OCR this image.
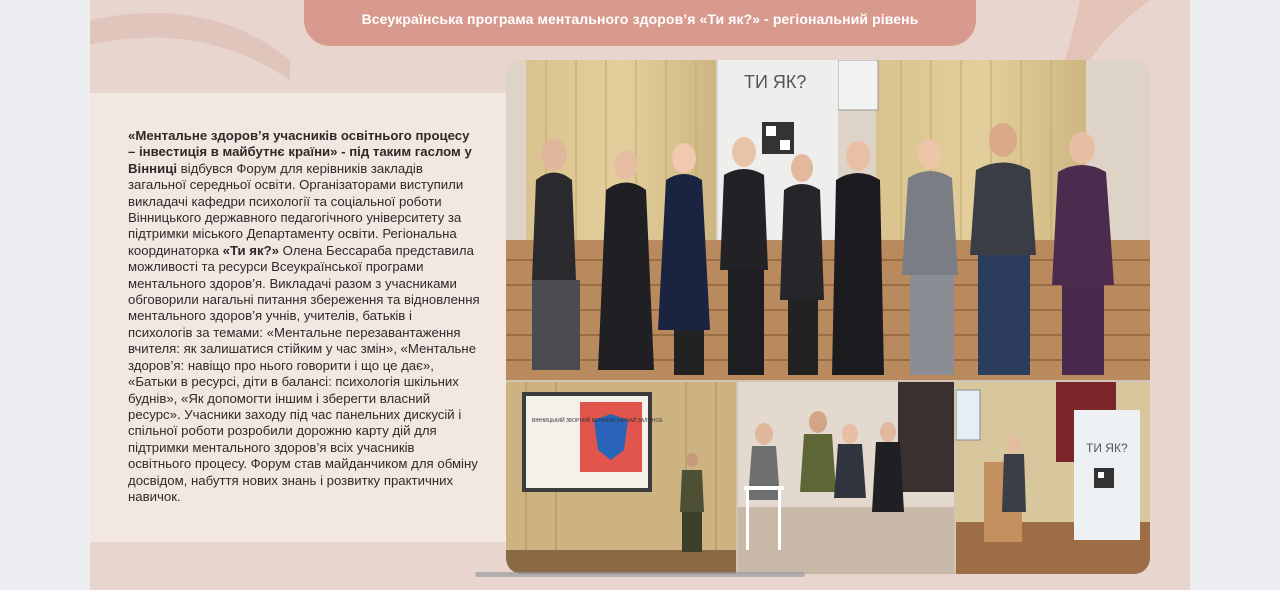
Всеукраїнська програма ментального здоров’я «Ти як?» - регіональний рівень
«Ментальне здоров’я учасників освітнього процесу – інвестиція в майбутнє країни» - під таким гаслом у Вінниці відбувся Форум для керівників закладів загальної середньої освіти. Організаторами виступили викладачі кафедри психології та соціальної роботи Вінницького державного педагогічного університету за підтримки міського Департаменту освіти. Регіональна координаторка «Ти як?» Олена Бессараба представила можливості та ресурси Всеукраїнської програми ментального здоров’я. Викладачі разом з учасниками обговорили нагальні питання збереження та відновлення ментального здоров’я учнів, учителів, батьків і психологів за темами: «Ментальне перезавантаження вчителя: як залишатися стійким у час змін», «Ментальне здоров’я: навіщо про нього говорити і що це дає», «Батьки в ресурсі, діти в балансі: психологія шкільних буднів», «Як допомогти іншим і зберегти власний ресурс». Учасники заходу під час панельних дискусій і спільної роботи розробили дорожню карту дій для підтримки ментального здоров’я всіх учасників освітнього процесу. Форум став майданчиком для обміну досвідом, набуття нових знань і розвитку практичних навичок.
ТИ ЯК?
ВІННИЦЬКИЙ ЗБОРНИЙ ВАТАЖОК БАРКАЙ ЗАЛІЗНОЕ
ТИ ЯК?
